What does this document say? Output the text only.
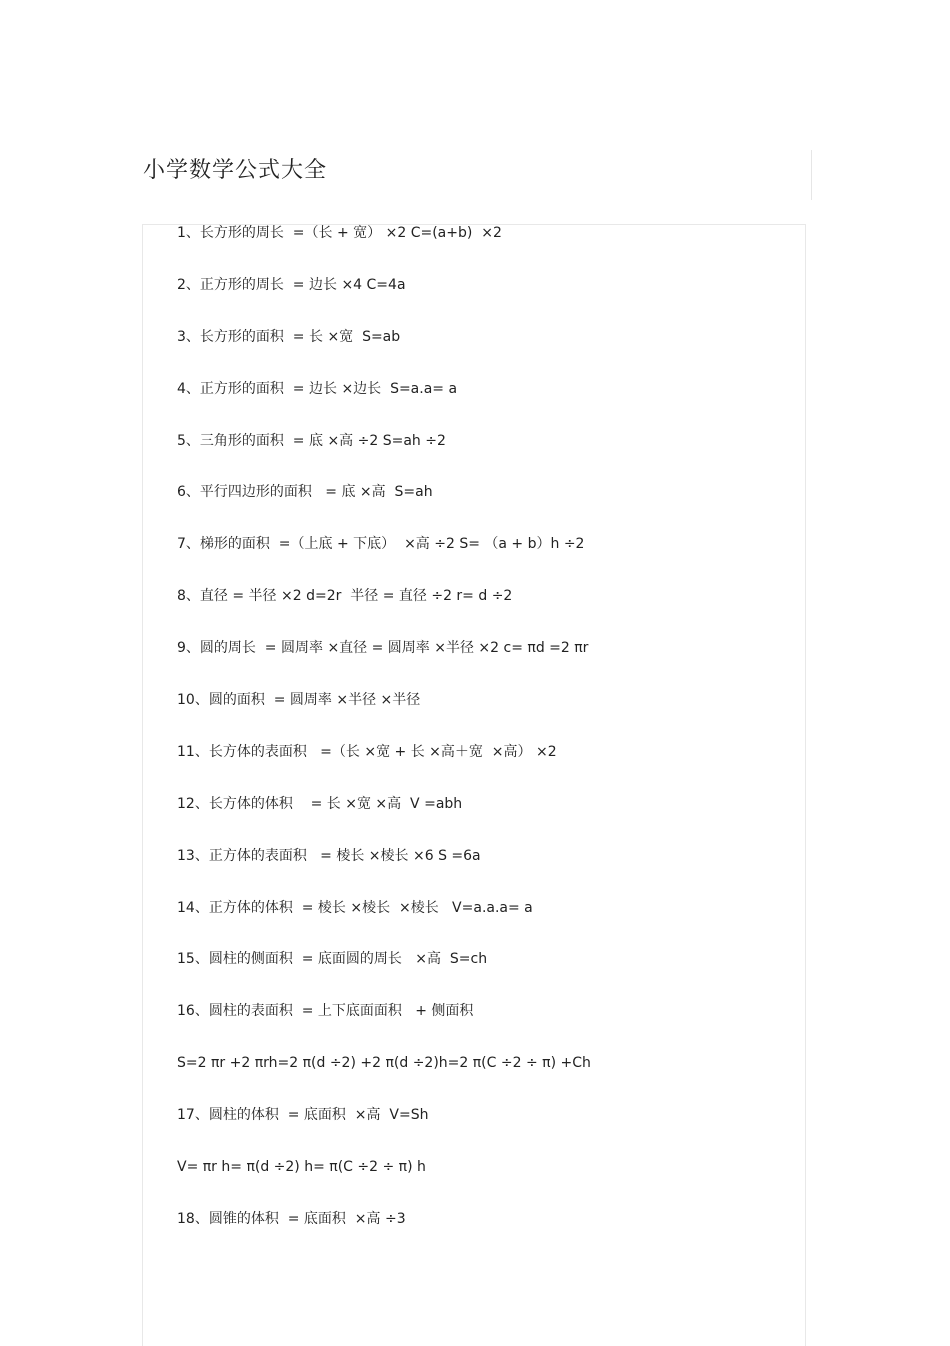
小学数学公式大全
1、长方形的周长  =（长 + 宽） ×2 C=(a+b)  ×2
2、正方形的周长  = 边长 ×4 C=4a
3、长方形的面积  = 长 ×宽  S=ab
4、正方形的面积  = 边长 ×边长  S=a.a= a
5、三角形的面积  = 底 ×高 ÷2 S=ah ÷2
6、平行四边形的面积   = 底 ×高  S=ah
7、梯形的面积  =（上底 + 下底）  ×高 ÷2 S= （a + b）h ÷2
8、直径 = 半径 ×2 d=2r  半径 = 直径 ÷2 r= d ÷2
9、圆的周长  = 圆周率 ×直径 = 圆周率 ×半径 ×2 c= πd =2 πr
10、圆的面积  = 圆周率 ×半径 ×半径
11、长方体的表面积   =（长 ×宽 + 长 ×高＋宽  ×高） ×2
12、长方体的体积    = 长 ×宽 ×高  V =abh
13、正方体的表面积   = 棱长 ×棱长 ×6 S =6a
14、正方体的体积  = 棱长 ×棱长  ×棱长   V=a.a.a= a
15、圆柱的侧面积  = 底面圆的周长   ×高  S=ch
16、圆柱的表面积  = 上下底面面积   + 侧面积
S=2 πr +2 πrh=2 π(d ÷2) +2 π(d ÷2)h=2 π(C ÷2 ÷ π) +Ch
17、圆柱的体积  = 底面积  ×高  V=Sh
V= πr h= π(d ÷2) h= π(C ÷2 ÷ π) h
18、圆锥的体积  = 底面积  ×高 ÷3
